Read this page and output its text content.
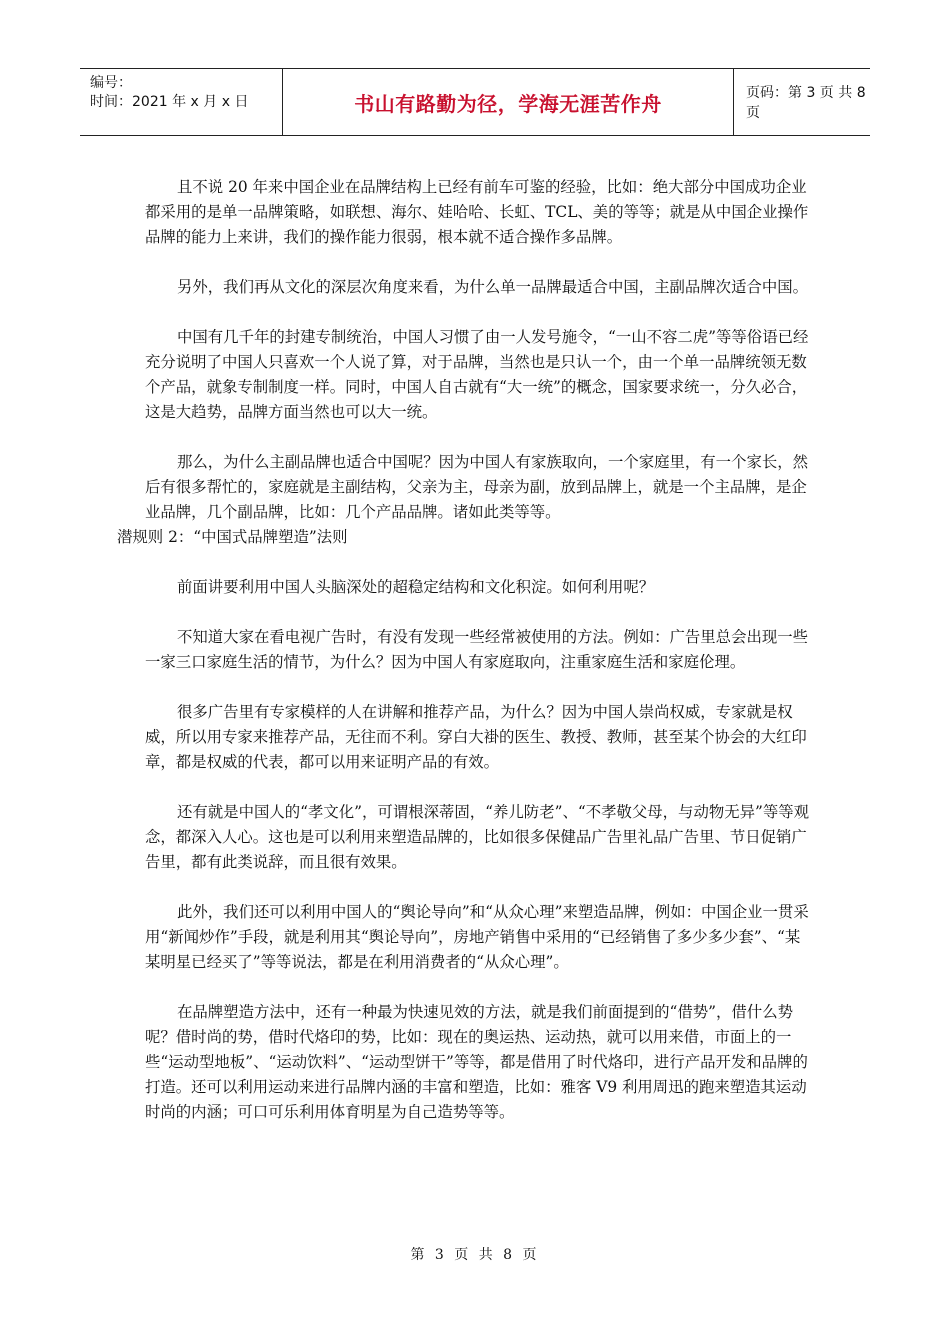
编号：
时间：2021 年 x 月 x 日	书山有路勤为径，学海无涯苦作舟	页码：第 3 页 共 8 页

且不说 20 年来中国企业在品牌结构上已经有前车可鉴的经验，比如：绝大部分中国成功企业都采用的是单一品牌策略，如联想、海尔、娃哈哈、长虹、TCL、美的等等；就是从中国企业操作品牌的能力上来讲，我们的操作能力很弱，根本就不适合操作多品牌。

另外，我们再从文化的深层次角度来看，为什么单一品牌最适合中国，主副品牌次适合中国。

中国有几千年的封建专制统治，中国人习惯了由一人发号施令，“一山不容二虎”等等俗语已经充分说明了中国人只喜欢一个人说了算，对于品牌，当然也是只认一个，由一个单一品牌统领无数个产品，就象专制制度一样。同时，中国人自古就有“大一统”的概念，国家要求统一，分久必合，　这是大趋势，品牌方面当然也可以大一统。

那么，为什么主副品牌也适合中国呢？因为中国人有家族取向，一个家庭里，有一个家长，然后有很多帮忙的，家庭就是主副结构，父亲为主，母亲为副，放到品牌上，就是一个主品牌，是企业品牌，几个副品牌，比如：几个产品品牌。诸如此类等等。

潜规则 2：“中国式品牌塑造”法则

前面讲要利用中国人头脑深处的超稳定结构和文化积淀。如何利用呢？

不知道大家在看电视广告时，有没有发现一些经常被使用的方法。例如：广告里总会出现一些一家三口家庭生活的情节，为什么？因为中国人有家庭取向，注重家庭生活和家庭伦理。

很多广告里有专家模样的人在讲解和推荐产品，为什么？因为中国人崇尚权威，专家就是权威，所以用专家来推荐产品，无往而不利。穿白大褂的医生、教授、教师，甚至某个协会的大红印章，都是权威的代表，都可以用来证明产品的有效。

还有就是中国人的“孝文化”，可谓根深蒂固，“养儿防老”、“不孝敬父母，与动物无异”等等观念，都深入人心。这也是可以利用来塑造品牌的，比如很多保健品广告里礼品广告里、节日促销广告里，都有此类说辞，而且很有效果。

此外，我们还可以利用中国人的“舆论导向”和“从众心理”来塑造品牌，例如：中国企业一贯采用“新闻炒作”手段，就是利用其“舆论导向”，房地产销售中采用的“已经销售了多少多少套”、“某某明星已经买了”等等说法，都是在利用消费者的“从众心理”。

在品牌塑造方法中，还有一种最为快速见效的方法，就是我们前面提到的“借势”，借什么势呢？借时尚的势，借时代烙印的势，比如：现在的奥运热、运动热，就可以用来借，市面上的一些“运动型地板”、“运动饮料”、“运动型饼干”等等，都是借用了时代烙印，进行产品开发和品牌的打造。还可以利用运动来进行品牌内涵的丰富和塑造，比如：雅客 V9 利用周迅的跑来塑造其运动时尚的内涵；可口可乐利用体育明星为自己造势等等。

第 3 页 共 8 页
